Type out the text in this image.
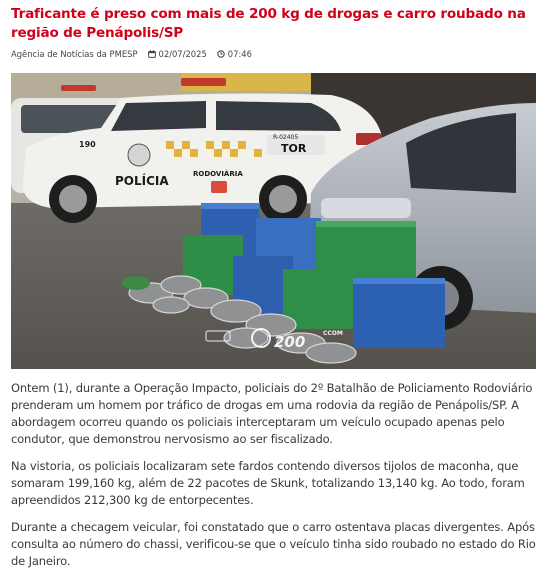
Traficante é preso com mais de 200 kg de drogas e carro roubado na região de Penápolis/SP
Agência de Notícias da PMESP	02/07/2025	07:46
R-02405
TOR
190
POLÍCIA	RODOVIÁRIA
200	CCOM

Ontem (1), durante a Operação Impacto, policiais do 2º Batalhão de Policiamento Rodoviário prenderam um homem por tráfico de drogas em uma rodovia da região de Penápolis/SP. A abordagem ocorreu quando os policiais interceptaram um veículo ocupado apenas pelo condutor, que demonstrou nervosismo ao ser fiscalizado.

Na vistoria, os policiais localizaram sete fardos contendo diversos tijolos de maconha, que somaram 199,160 kg, além de 22 pacotes de Skunk, totalizando 13,140 kg. Ao todo, foram apreendidos 212,300 kg de entorpecentes.

Durante a checagem veicular, foi constatado que o carro ostentava placas divergentes. Após consulta ao número do chassi, verificou-se que o veículo tinha sido roubado no estado do Rio de Janeiro.
